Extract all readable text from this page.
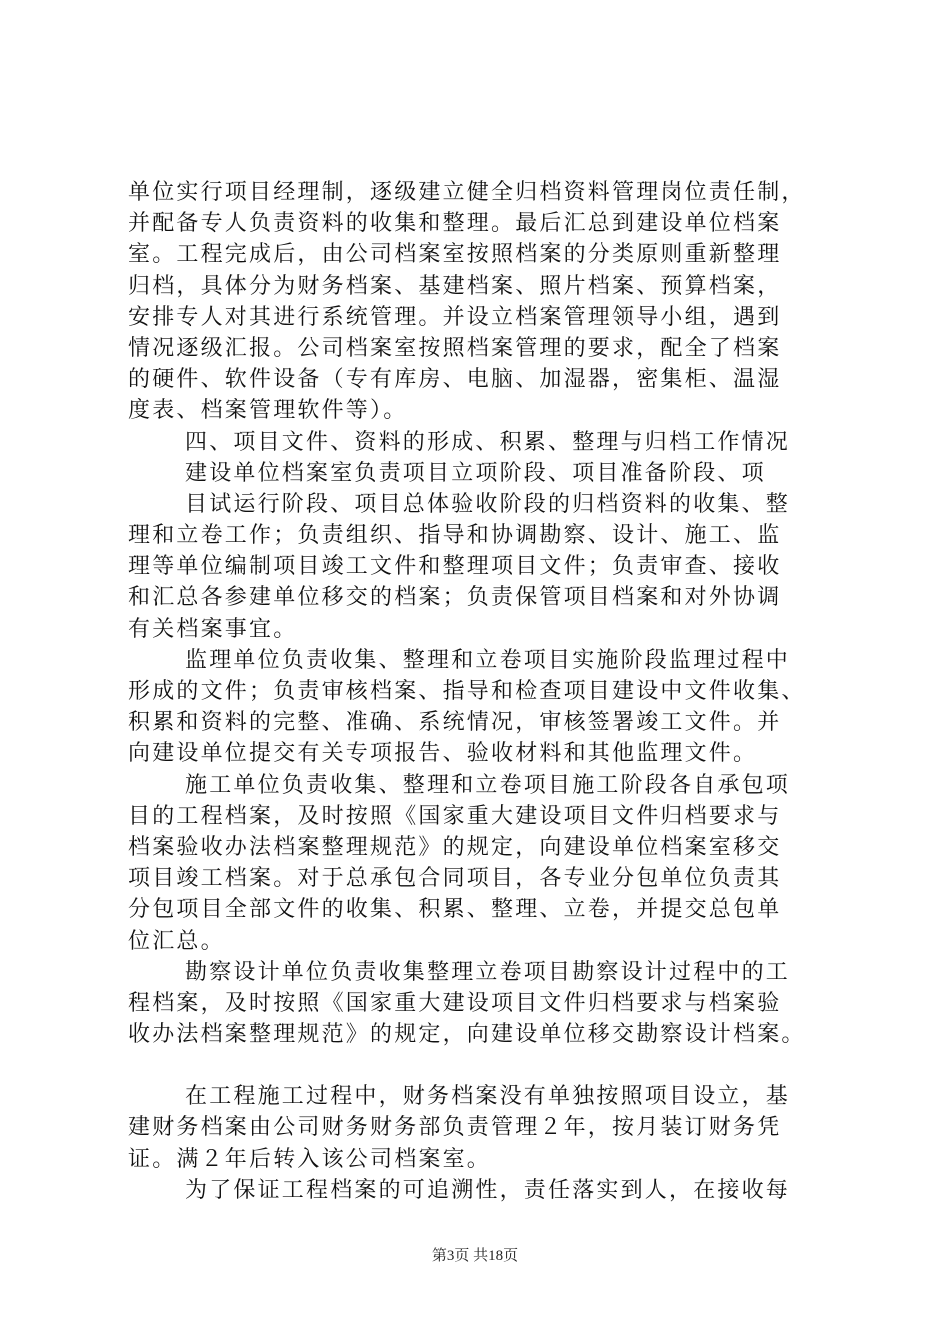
单位实行项目经理制，逐级建立健全归档资料管理岗位责任制，
并配备专人负责资料的收集和整理。最后汇总到建设单位档案
室。工程完成后，由公司档案室按照档案的分类原则重新整理
归档，具体分为财务档案、基建档案、照片档案、预算档案，
安排专人对其进行系统管理。并设立档案管理领导小组，遇到
情况逐级汇报。公司档案室按照档案管理的要求，配全了档案
的硬件、软件设备（专有库房、电脑、加湿器，密集柜、温湿
度表、档案管理软件等）。
四、项目文件、资料的形成、积累、整理与归档工作情况
建设单位档案室负责项目立项阶段、项目准备阶段、项
目试运行阶段、项目总体验收阶段的归档资料的收集、整
理和立卷工作；负责组织、指导和协调勘察、设计、施工、监
理等单位编制项目竣工文件和整理项目文件；负责审查、接收
和汇总各参建单位移交的档案；负责保管项目档案和对外协调
有关档案事宜。
监理单位负责收集、整理和立卷项目实施阶段监理过程中
形成的文件；负责审核档案、指导和检查项目建设中文件收集、
积累和资料的完整、准确、系统情况，审核签署竣工文件。并
向建设单位提交有关专项报告、验收材料和其他监理文件。
施工单位负责收集、整理和立卷项目施工阶段各自承包项
目的工程档案，及时按照《国家重大建设项目文件归档要求与
档案验收办法档案整理规范》的规定，向建设单位档案室移交
项目竣工档案。对于总承包合同项目，各专业分包单位负责其
分包项目全部文件的收集、积累、整理、立卷，并提交总包单
位汇总。
勘察设计单位负责收集整理立卷项目勘察设计过程中的工
程档案，及时按照《国家重大建设项目文件归档要求与档案验
收办法档案整理规范》的规定，向建设单位移交勘察设计档案。
在工程施工过程中，财务档案没有单独按照项目设立，基
建财务档案由公司财务财务部负责管理２年，按月装订财务凭
证。满２年后转入该公司档案室。
为了保证工程档案的可追溯性，责任落实到人，在接收每
第3页 共18页
